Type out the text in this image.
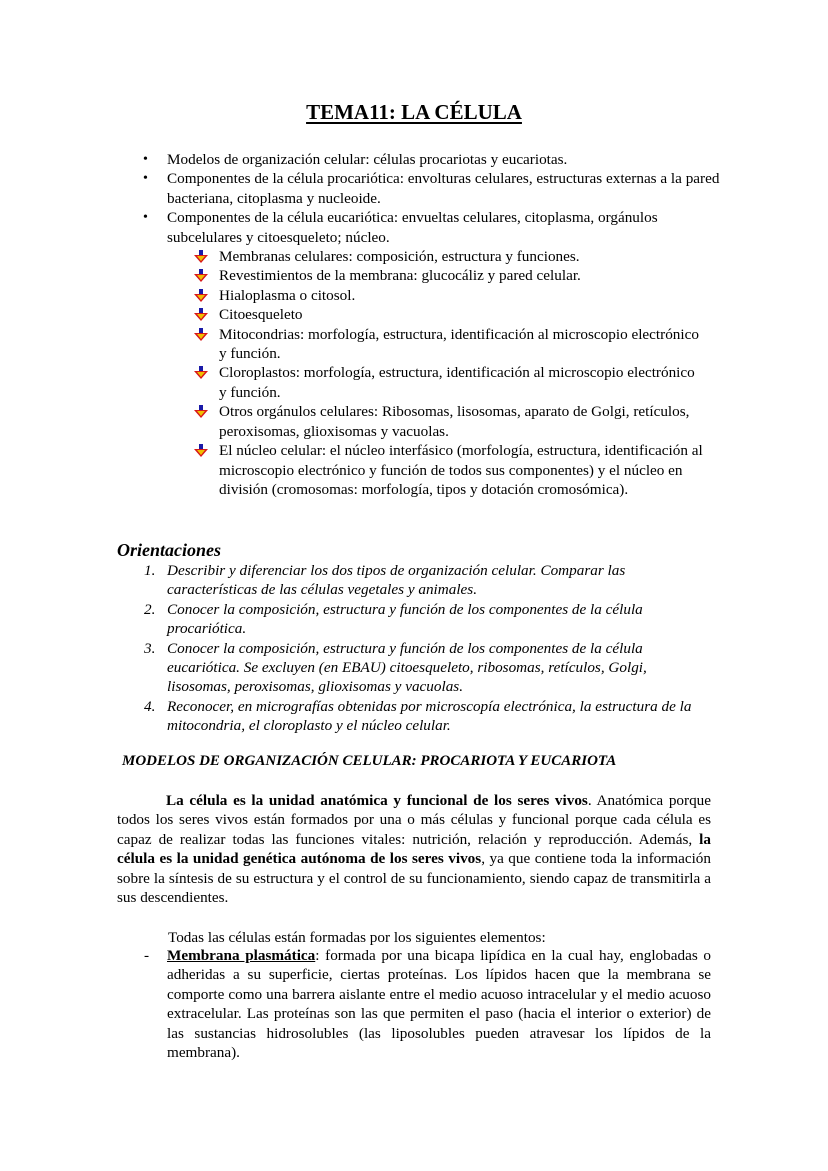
TEMA11: LA CÉLULA
• Modelos de organización celular: células procariotas y eucariotas.
• Componentes de la célula procariótica: envolturas celulares, estructuras externas a la pared bacteriana, citoplasma y nucleoide.
• Componentes de la célula eucariótica: envueltas celulares, citoplasma, orgánulos subcelulares y citoesqueleto; núcleo.
Membranas celulares: composición, estructura y funciones.
Revestimientos de la membrana: glucocáliz y pared celular.
Hialoplasma o citosol.
Citoesqueleto
Mitocondrias: morfología, estructura, identificación al microscopio electrónico y función.
Cloroplastos: morfología, estructura, identificación al microscopio electrónico y función.
Otros orgánulos celulares: Ribosomas, lisosomas, aparato de Golgi, retículos, peroxisomas, glioxisomas y vacuolas.
El núcleo celular: el núcleo interfásico (morfología, estructura, identificación al microscopio electrónico y función de todos sus componentes) y el núcleo en división (cromosomas: morfología, tipos y dotación cromosómica).
Orientaciones
1. Describir y diferenciar los dos tipos de organización celular. Comparar las características de las células vegetales y animales.
2. Conocer la composición, estructura y función de los componentes de la célula procariótica.
3. Conocer la composición, estructura y función de los componentes de la célula eucariótica. Se excluyen (en EBAU) citoesqueleto, ribosomas, retículos, Golgi, lisosomas, peroxisomas, glioxisomas y vacuolas.
4. Reconocer, en micrografías obtenidas por microscopía electrónica, la estructura de la mitocondria, el cloroplasto y el núcleo celular.
MODELOS DE ORGANIZACIÓN CELULAR: PROCARIOTA Y EUCARIOTA

La célula es la unidad anatómica y funcional de los seres vivos. Anatómica porque todos los seres vivos están formados por una o más células y funcional porque cada célula es capaz de realizar todas las funciones vitales: nutrición, relación y reproducción. Además, la célula es la unidad genética autónoma de los seres vivos, ya que contiene toda la información sobre la síntesis de su estructura y el control de su funcionamiento, siendo capaz de transmitirla a sus descendientes.

Todas las células están formadas por los siguientes elementos:

- Membrana plasmática: formada por una bicapa lipídica en la cual hay, englobadas o adheridas a su superficie, ciertas proteínas. Los lípidos hacen que la membrana se comporte como una barrera aislante entre el medio acuoso intracelular y el medio acuoso extracelular. Las proteínas son las que permiten el paso (hacia el interior o exterior) de las sustancias hidrosolubles (las liposolubles pueden atravesar los lípidos de la membrana).
